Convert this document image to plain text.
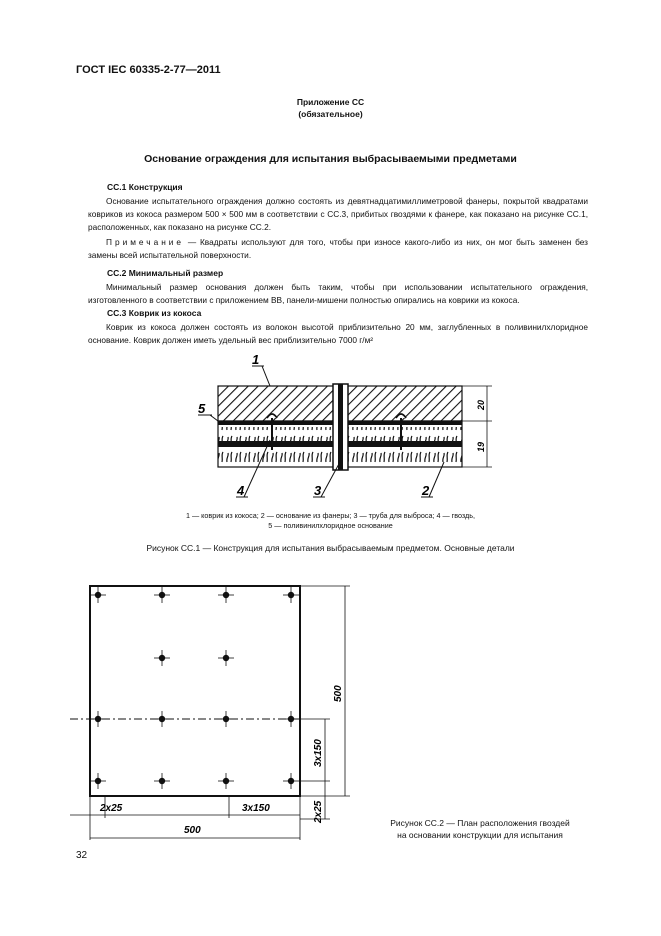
ГОСТ IEC 60335-2-77—2011
Приложение СС
(обязательное)
Основание ограждения для испытания выбрасываемыми предметами
СС.1 Конструкция
Основание испытательного ограждения должно состоять из девятнадцатимиллиметровой фанеры, покрытой квадратами ковриков из кокоса размером 500 × 500 мм в соответствии с СС.3, прибитых гвоздями к фанере, как показано на рисунке СС.1, расположенных, как показано на рисунке СС.2.
Примечание — Квадраты используют для того, чтобы при износе какого-либо из них, он мог быть заменен без замены всей испытательной поверхности.
СС.2 Минимальный размер
Минимальный размер основания должен быть таким, чтобы при использовании испытательного ограждения, изготовленного в соответствии с приложением ВВ, панели-мишени полностью опирались на коврики из кокоса.
СС.3 Коврик из кокоса
Коврик из кокоса должен состоять из волокон высотой приблизительно 20 мм, заглубленных в поливинилхлоридное основание. Коврик должен иметь удельный вес приблизительно 7000 г/м²
20
19
1
5
4	3	2
1 — коврик из кокоса; 2 — основание из фанеры; 3 — труба для выброса; 4 — гвоздь,
5 — поливинилхлоридное основание
Рисунок СС.1 — Конструкция для испытания выбрасываемым предметом. Основные детали
500
3x150
2x25
2x25	3x150
500
Рисунок СС.2 — План расположения гвоздей
на основании конструкции для испытания
32
